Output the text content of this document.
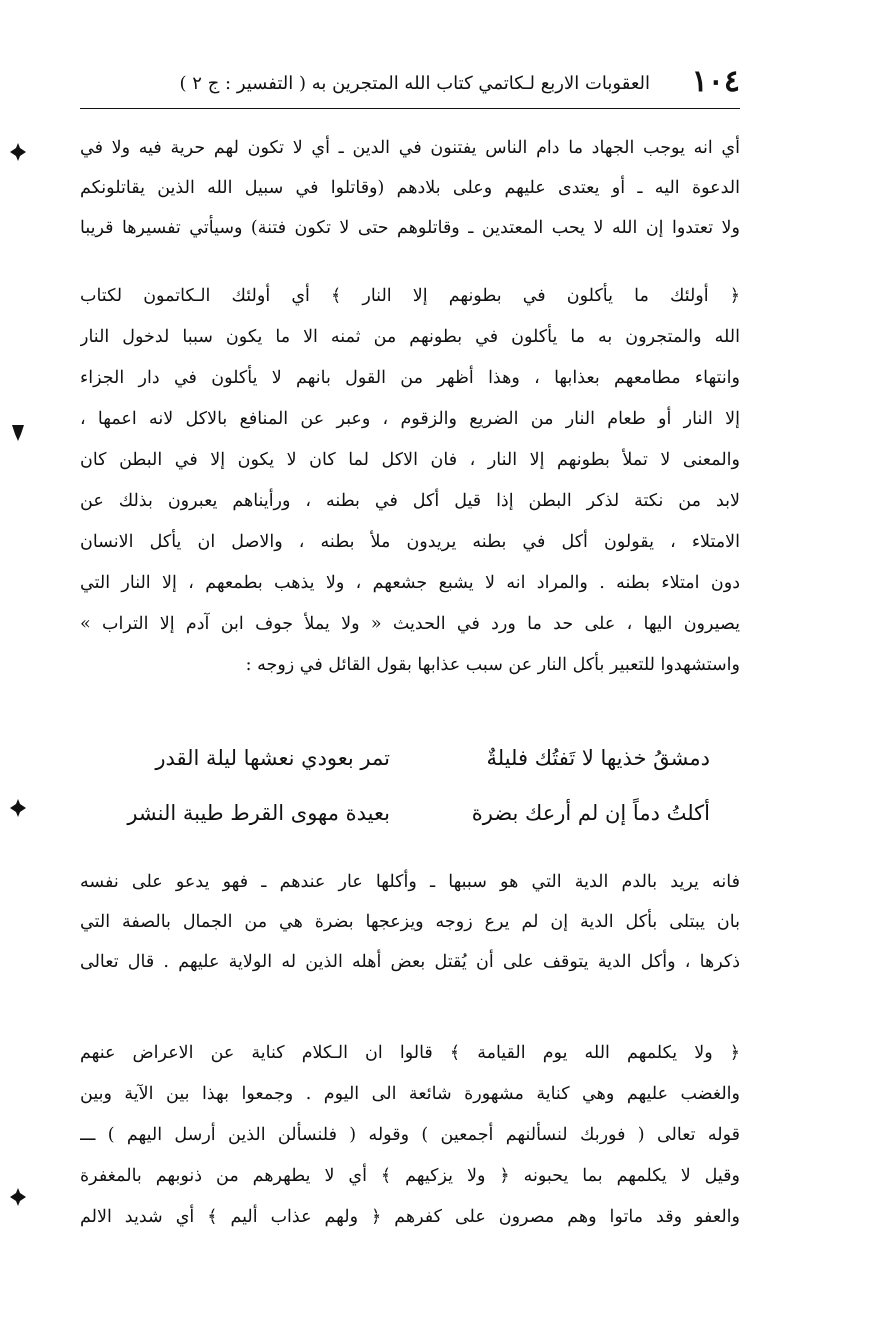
١٠٤
العقوبات الاربع لـكاتمي كتاب الله المتجرين به ( التفسير : ج ٢ )
أي انه يوجب الجهاد ما دام الناس يفتنون في الدين ـ أي لا تكون لهم حرية فيه ولا في
الدعوة اليه ـ أو يعتدى عليهم وعلى بلادهم (وقاتلوا في سبيل الله الذين يقاتلونكم
ولا تعتدوا إن الله لا يحب المعتدين ـ وقاتلوهم حتى لا تكون فتنة) وسيأتي تفسيرها قريبا
﴿ أولئك ما يأكلون في بطونهم إلا النار ﴾ أي أولئك الـكاتمون لكتاب
الله والمتجرون به ما يأكلون في بطونهم من ثمنه الا ما يكون سببا لدخول النار
وانتهاء مطامعهم بعذابها ، وهذا أظهر من القول بانهم لا يأكلون في دار الجزاء
إلا النار أو طعام النار من الضريع والزقوم ، وعبر عن المنافع بالاكل لانه اعمها ،
والمعنى لا تملأ بطونهم إلا النار ، فان الاكل لما كان لا يكون إلا في البطن كان
لابد من نكتة لذكر البطن إذا قيل أكل في بطنه ، ورأيناهم يعبرون بذلك عن
الامتلاء ، يقولون أكل في بطنه يريدون ملأ بطنه ، والاصل ان يأكل الانسان
دون امتلاء بطنه . والمراد انه لا يشبع جشعهم ، ولا يذهب بطمعهم ، إلا النار التي
يصيرون اليها ، على حد ما ورد في الحديث « ولا يملأ جوف ابن آدم إلا التراب »
واستشهدوا للتعبير بأكل النار عن سبب عذابها بقول القائل في زوجه :
دمشقُ خذيها لا تَفتُك فليلةٌ
تمر بعودي نعشها ليلة القدر
أكلتُ دماً إن لم أرعك بضرة
بعيدة مهوى القرط طيبة النشر
فانه يريد بالدم الدية التي هو سببها ـ وأكلها عار عندهم ـ فهو يدعو على نفسه
بان يبتلى بأكل الدية إن لم يرع زوجه ويزعجها بضرة هي من الجمال بالصفة التي
ذكرها ، وأكل الدية يتوقف على أن يُقتل بعض أهله الذين له الولاية عليهم . قال تعالى
﴿ ولا يكلمهم الله يوم القيامة ﴾ قالوا ان الـكلام كناية عن الاعراض عنهم
والغضب عليهم وهي كناية مشهورة شائعة الى اليوم . وجمعوا بهذا بين الآية وبين
قوله تعالى ( فوربك لنسألنهم أجمعين ) وقوله ( فلنسألن الذين أرسل اليهم ) ـــ
وقيل لا يكلمهم بما يحبونه ﴿ ولا يزكيهم ﴾ أي لا يطهرهم من ذنوبهم بالمغفرة
والعفو وقد ماتوا وهم مصرون على كفرهم ﴿ ولهم عذاب أليم ﴾ أي شديد الالم
